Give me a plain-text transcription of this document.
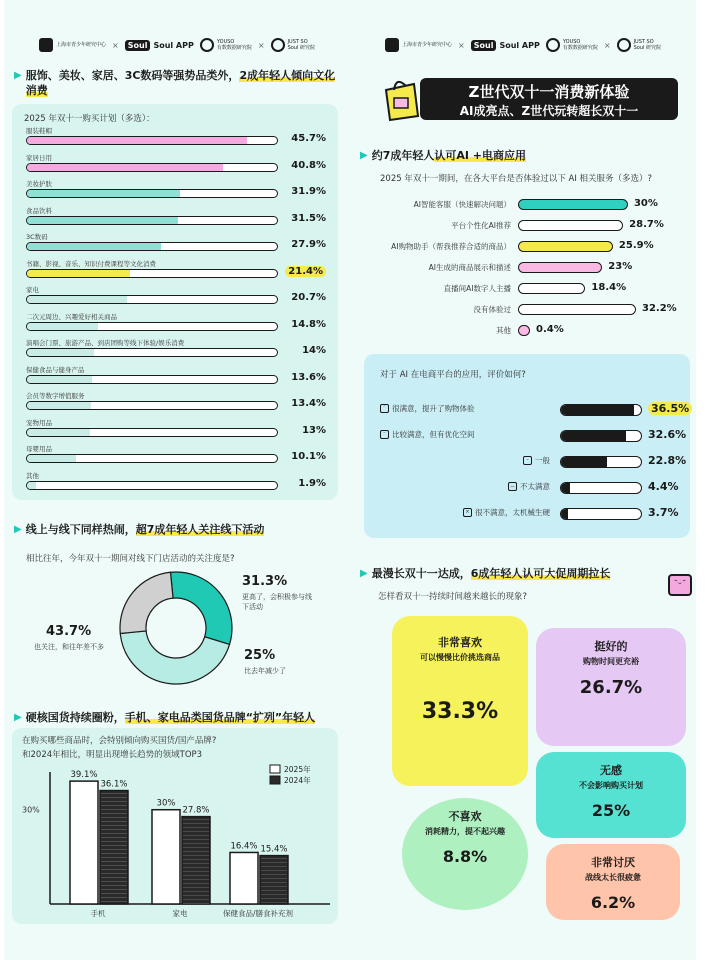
上海市青少年研究中心 ×	Soul Soul APP	YOUSO
有数数据研究院 ×	JUST SO
Soul 研究院
▶ 服饰、美妆、家居、3C数码等强势品类外，2成年轻人倾向文化消费
2025 年双十一购买计划（多选）：
服装鞋帽
45.7%
家居日用
40.8%
美妆护肤
31.9%
食品饮料
31.5%
3C数码
27.9%
书籍、影视、音乐、知识付费课程等文化消费
21.4%
家电
20.7%
二次元周边、兴趣爱好相关商品
14.8%
演唱会门票、旅游产品、到店团购等线下体验/娱乐消费
14%
保健食品与健身产品
13.6%
会员等数字增值服务
13.4%
宠物用品
13%
母婴用品
10.1%
其他
1.9%
▶ 线上与线下同样热闹，超7成年轻人关注线下活动
相比往年，今年双十一期间对线下门店活动的关注度是?
31.3%
更高了，会积极参与线下活动
43.7%
也关注，和往年差不多
25%
比去年减少了
▶ 硬核国货持续圈粉，手机、家电品类国货品牌“扩列”年轻人
在购买哪些商品时，会特别倾向购买国货/国产品牌?
和2024年相比，明显出现增长趋势的领域TOP3
30%
39.1%
36.1%
手机
30%
27.8%
家电
16.4% 15.4%
保健食品/膳食补充剂
2025年
2024年
上海市青少年研究中心 ×	Soul Soul APP	YOUSO
有数数据研究院 ×	JUST SO
Soul 研究院
Z世代双十一消费新体验
AI成亮点、Z世代玩转超长双十一
▶ 约7成年轻人认可AI +电商应用
2025 年双十一期间，在各大平台是否体验过以下 AI 相关服务（多选）?
AI智能客服（快速解决问题）	30%
平台个性化AI推荐	28.7%
AI购物助手（帮我推荐合适的商品）	25.9%
AI生成的商品展示和描述	23%
直播间AI数字人主播	18.4%
没有体验过	32.2%
其他	0.4%
对于 AI 在电商平台的应用，评价如何?
ᵔ 很满意，提升了购物体验	36.5%
ᵕ 比较满意，但有优化空间	32.6%
– 一般	22.8%
︵ 不太满意	4.4%
× 很不满意，太机械生硬	3.7%
▶ 最漫长双十一达成，6成年轻人认可大促周期拉长
˘ᵕ˘
怎样看双十一持续时间越来越长的现象?
非常喜欢
可以慢慢比价挑选商品
33.3%
挺好的
购物时间更充裕
26.7%
无感
不会影响购买计划
25%
不喜欢
消耗精力，提不起兴趣
8.8%	非常讨厌
战线太长很疲惫
6.2%
